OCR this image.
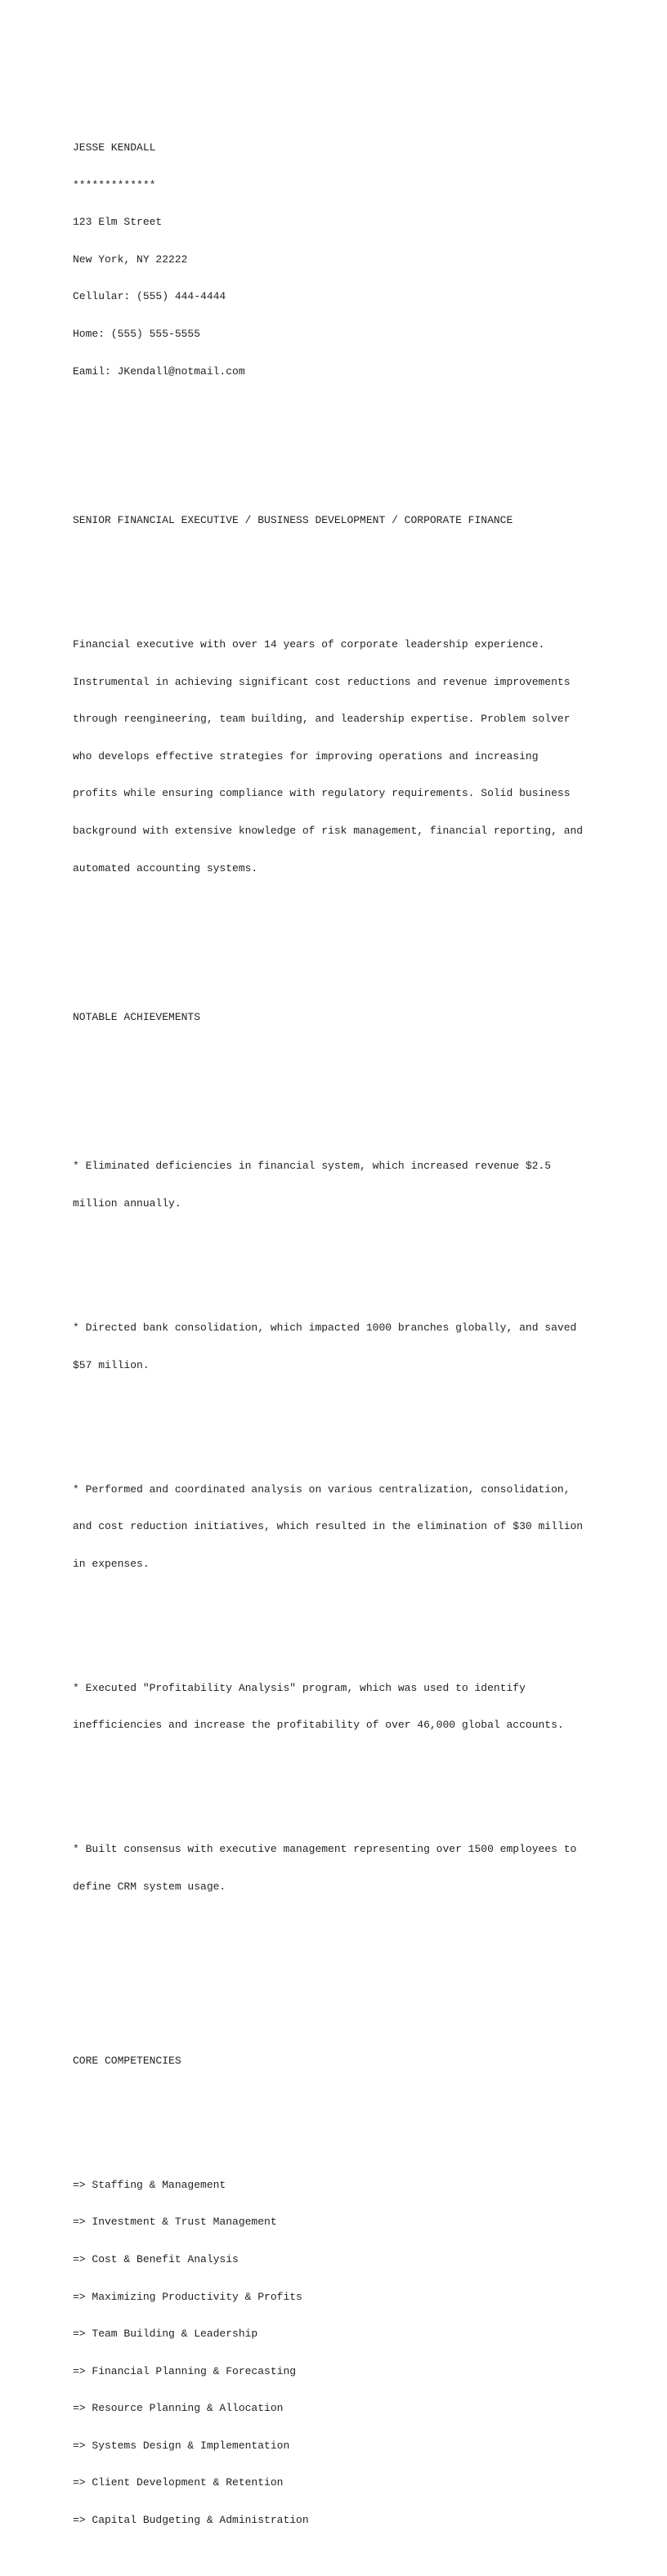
JESSE KENDALL

*************

123 Elm Street

New York, NY 22222

Cellular: (555) 444-4444

Home: (555) 555-5555

Eamil: JKendall@notmail.com

SENIOR FINANCIAL EXECUTIVE / BUSINESS DEVELOPMENT / CORPORATE FINANCE

Financial executive with over 14 years of corporate leadership experience.

Instrumental in achieving significant cost reductions and revenue improvements

through reengineering, team building, and leadership expertise. Problem solver

who develops effective strategies for improving operations and increasing

profits while ensuring compliance with regulatory requirements. Solid business

background with extensive knowledge of risk management, financial reporting, and

automated accounting systems.

NOTABLE ACHIEVEMENTS

* Eliminated deficiencies in financial system, which increased revenue $2.5

million annually.

* Directed bank consolidation, which impacted 1000 branches globally, and saved

$57 million.

* Performed and coordinated analysis on various centralization, consolidation,

and cost reduction initiatives, which resulted in the elimination of $30 million

in expenses.

* Executed "Profitability Analysis" program, which was used to identify

inefficiencies and increase the profitability of over 46,000 global accounts.

* Built consensus with executive management representing over 1500 employees to

define CRM system usage.

CORE COMPETENCIES

=> Staffing & Management

=> Investment & Trust Management

=> Cost & Benefit Analysis

=> Maximizing Productivity & Profits

=> Team Building & Leadership

=> Financial Planning & Forecasting

=> Resource Planning & Allocation

=> Systems Design & Implementation

=> Client Development & Retention

=> Capital Budgeting & Administration
